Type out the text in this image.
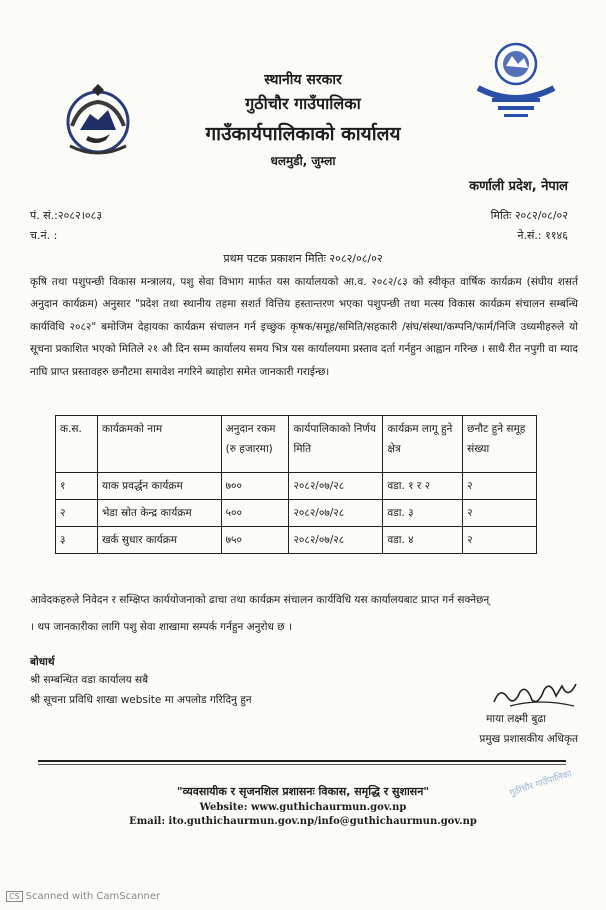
स्थानीय सरकार
गुठीचौर गाउँपालिका
गाउँकार्यपालिकाको कार्यालय
धलमुडी, जुम्ला
कर्णाली प्रदेश, नेपाल
पं. सं.:२०८२।०८३
च.नं. :
मितिः २०८२/०८/०२
ने.सं.: ११४६
प्रथम पटक प्रकाशन मितिः २०८२/०८/०२
कृषि तथा पशुपन्छी विकास मन्त्रालय, पशु सेवा विभाग मार्फत यस कार्यालयको आ.व. २०८२/८३ को स्वीकृत वार्षिक कार्यक्रम (संघीय शसर्त अनुदान कार्यक्रम) अनुसार "प्रदेश तथा स्थानीय तहमा सशर्त वित्तिय हस्तान्तरण भएका पशुपन्छी तथा मत्स्य विकास कार्यक्रम संचालन सम्बन्धि कार्यविधि २०८२" बमोजिम देहायका कार्यक्रम संचालन गर्न इच्छुक कृषक/समूह/समिति/सहकारी /संघ/संस्था/कम्पनि/फार्म/निजि उध्यमीहरुले यो सूचना प्रकाशित भएको मितिले २१ औ दिन सम्म कार्यालय समय भित्र यस कार्यालयमा प्रस्ताव दर्ता गर्नहुन आह्वान गरिन्छ । साथै रीत नपुगी वा म्याद नाघि प्राप्त प्रस्तावहरु छनौटमा समावेश नगरिने ब्याहोरा समेत जानकारी गराईन्छ।
क.स.	कार्यक्रमको नाम	अनुदान रकम (रु हजारमा)	कार्यपालिकाको निर्णय मिति	कार्यक्रम लागू हुने क्षेत्र	छनौट हुने समूह संख्या
१	याक प्रवर्द्धन कार्यक्रम	७००	२०८२/०७/२८	वडा. १ र २	२
२	भेडा स्रोत केन्द्र कार्यक्रम	५००	२०८२/०७/२८	वडा. ३	२
३	खर्क सुधार कार्यक्रम	७५०	२०८२/०७/२८	वडा. ४	२
आवेदकहरुले निवेदन र सम्क्षिप्त कार्ययोजनाको ढाचा तथा कार्यक्रम संचालन कार्यविधि यस कार्यालयबाट प्राप्त गर्न सक्नेछन्
। थप जानकारीका लागि पशु सेवा शाखामा सम्पर्क गर्नहुन अनुरोध छ ।
बोधार्थ
श्री सम्बन्धित वडा कार्यालय सबै
श्री सूचना प्रविधि शाखा website मा अपलोड गरिदिनु हुन
माया लक्ष्मी बुढा
प्रमुख प्रशासकीय अधिकृत
"व्यवसायीक र सृजनशिल प्रशासनः विकास, समृद्धि र सुशासन"
Website: www.guthichaurmun.gov.np
Email: ito.guthichaurmun.gov.np/info@guthichaurmun.gov.np
गुठीचौर गाउँपालिका
CS Scanned with CamScanner
